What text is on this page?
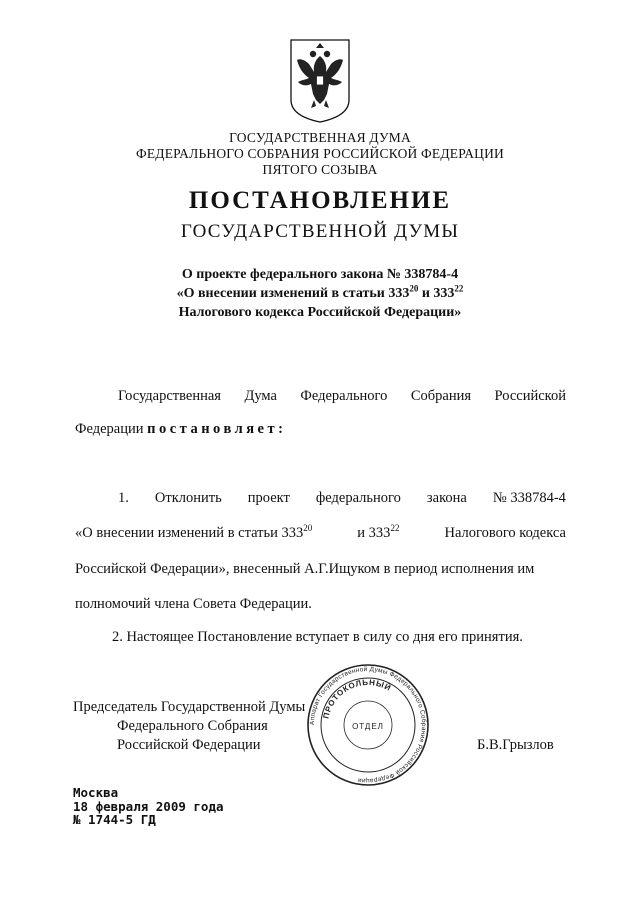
ГОСУДАРСТВЕННАЯ ДУМА
ФЕДЕРАЛЬНОГО СОБРАНИЯ РОССИЙСКОЙ ФЕДЕРАЦИИ
ПЯТОГО СОЗЫВА
ПОСТАНОВЛЕНИЕ
ГОСУДАРСТВЕННОЙ ДУМЫ
О проекте федерального закона № 338784-4
«О внесении изменений в статьи $333^{20}$ и $333^{22}$
Налогового кодекса Российской Федерации»
Государственная Дума Федерального Собрания Российской
Федерации постановляет:
1. Отклонить проект федерального закона № 338784-4
«О внесении изменений в статьи $333^{20}$	и $333^{22}$	Налогового кодекса
Российской Федерации», внесенный А.Г.Ищуком в период исполнения им
полномочий члена Совета Федерации.
2. Настоящее Постановление вступает в силу со дня его принятия.
Председатель Государственной Думы
Федерального Собрания
Российской Федерации	Б.В.Грызлов
Аппарат Государственной Думы Федерального Собрания Российской Федерации
ПРОТОКОЛЬНЫЙ
ОТДЕЛ
Москва
18 февраля 2009 года
№ 1744-5 ГД
